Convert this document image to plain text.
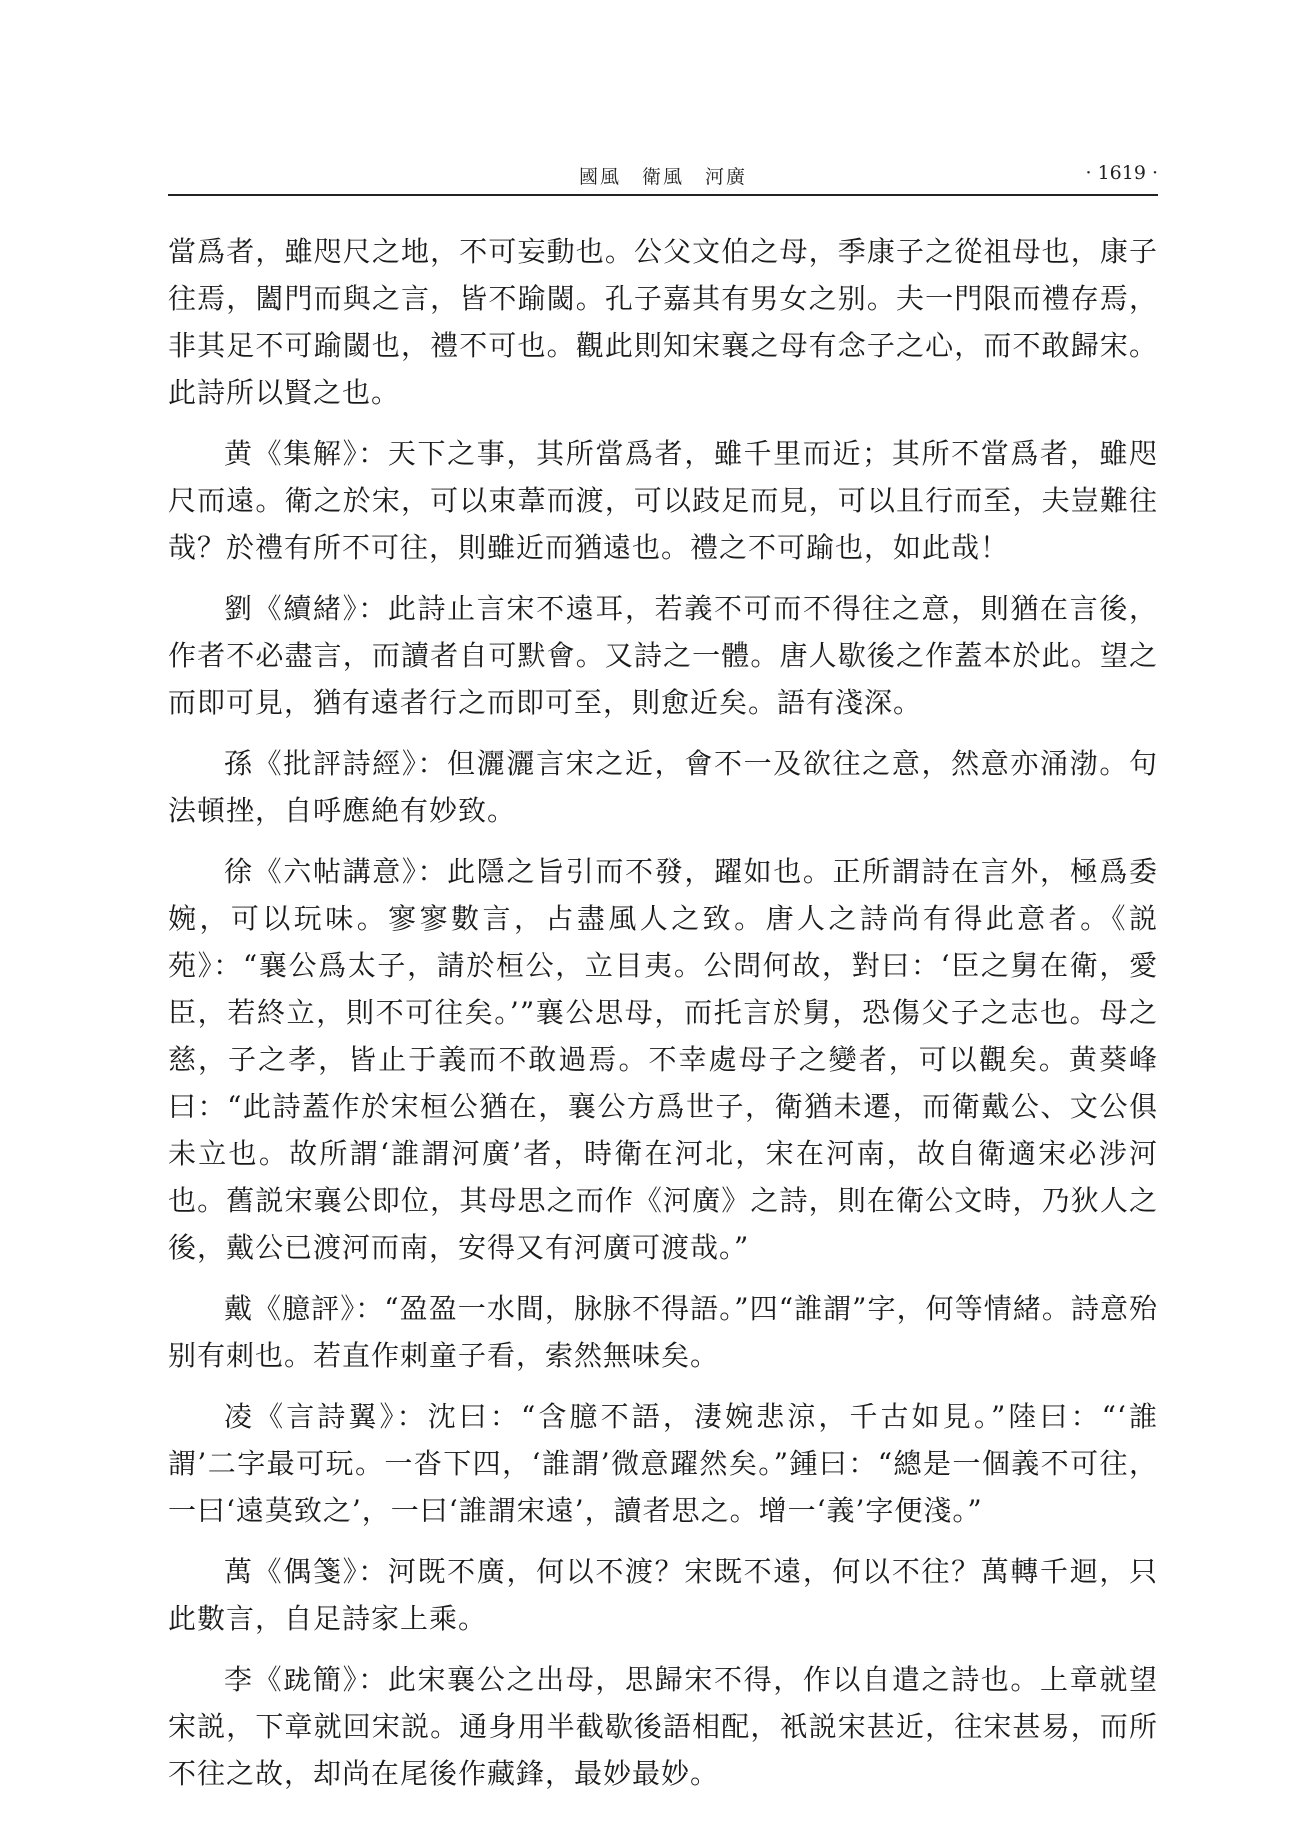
國風　衛風　河廣	· 1619 ·

當爲者，雖咫尺之地，不可妄動也。公父文伯之母，季康子之從祖母也，康子往焉，闔門而與之言，皆不踰閾。孔子嘉其有男女之别。夫一門限而禮存焉，非其足不可踰閾也，禮不可也。觀此則知宋襄之母有念子之心，而不敢歸宋。此詩所以賢之也。

黄《集解》：天下之事，其所當爲者，雖千里而近；其所不當爲者，雖咫尺而遠。衛之於宋，可以束葦而渡，可以跂足而見，可以且行而至，夫豈難往哉？於禮有所不可往，則雖近而猶遠也。禮之不可踰也，如此哉！

劉《續緒》：此詩止言宋不遠耳，若義不可而不得往之意，則猶在言後，作者不必盡言，而讀者自可默會。又詩之一體。唐人歇後之作蓋本於此。望之而即可見，猶有遠者行之而即可至，則愈近矣。語有淺深。

孫《批評詩經》：但灑灑言宋之近，會不一及欲往之意，然意亦涌渤。句法頓挫，自呼應絶有妙致。

徐《六帖講意》：此隱之旨引而不發，躍如也。正所謂詩在言外，極爲委婉，可以玩味。寥寥數言，占盡風人之致。唐人之詩尚有得此意者。《説苑》：“襄公爲太子，請於桓公，立目夷。公問何故，對曰：‘臣之舅在衛，愛臣，若終立，則不可往矣。’”襄公思母，而托言於舅，恐傷父子之志也。母之慈，子之孝，皆止于義而不敢過焉。不幸處母子之變者，可以觀矣。黄葵峰曰：“此詩蓋作於宋桓公猶在，襄公方爲世子，衛猶未遷，而衛戴公、文公俱未立也。故所謂‘誰謂河廣’者，時衛在河北，宋在河南，故自衛適宋必涉河也。舊説宋襄公即位，其母思之而作《河廣》之詩，則在衛公文時，乃狄人之後，戴公已渡河而南，安得又有河廣可渡哉。”

戴《臆評》：“盈盈一水間，脉脉不得語。”四“誰謂”字，何等情緒。詩意殆别有刺也。若直作刺童子看，索然無味矣。

凌《言詩翼》：沈曰：“含臆不語，淒婉悲涼，千古如見。”陸曰：“‘誰謂’二字最可玩。一沓下四，‘誰謂’微意躍然矣。”鍾曰：“總是一個義不可往，一曰‘遠莫致之’，一曰‘誰謂宋遠’，讀者思之。增一‘義’字便淺。”

萬《偶箋》：河既不廣，何以不渡？宋既不遠，何以不往？萬轉千迴，只此數言，自足詩家上乘。

李《𨀁簡》：此宋襄公之出母，思歸宋不得，作以自遣之詩也。上章就望宋説，下章就回宋説。通身用半截歇後語相配，衹説宋甚近，往宋甚易，而所不往之故，却尚在尾後作藏鋒，最妙最妙。
